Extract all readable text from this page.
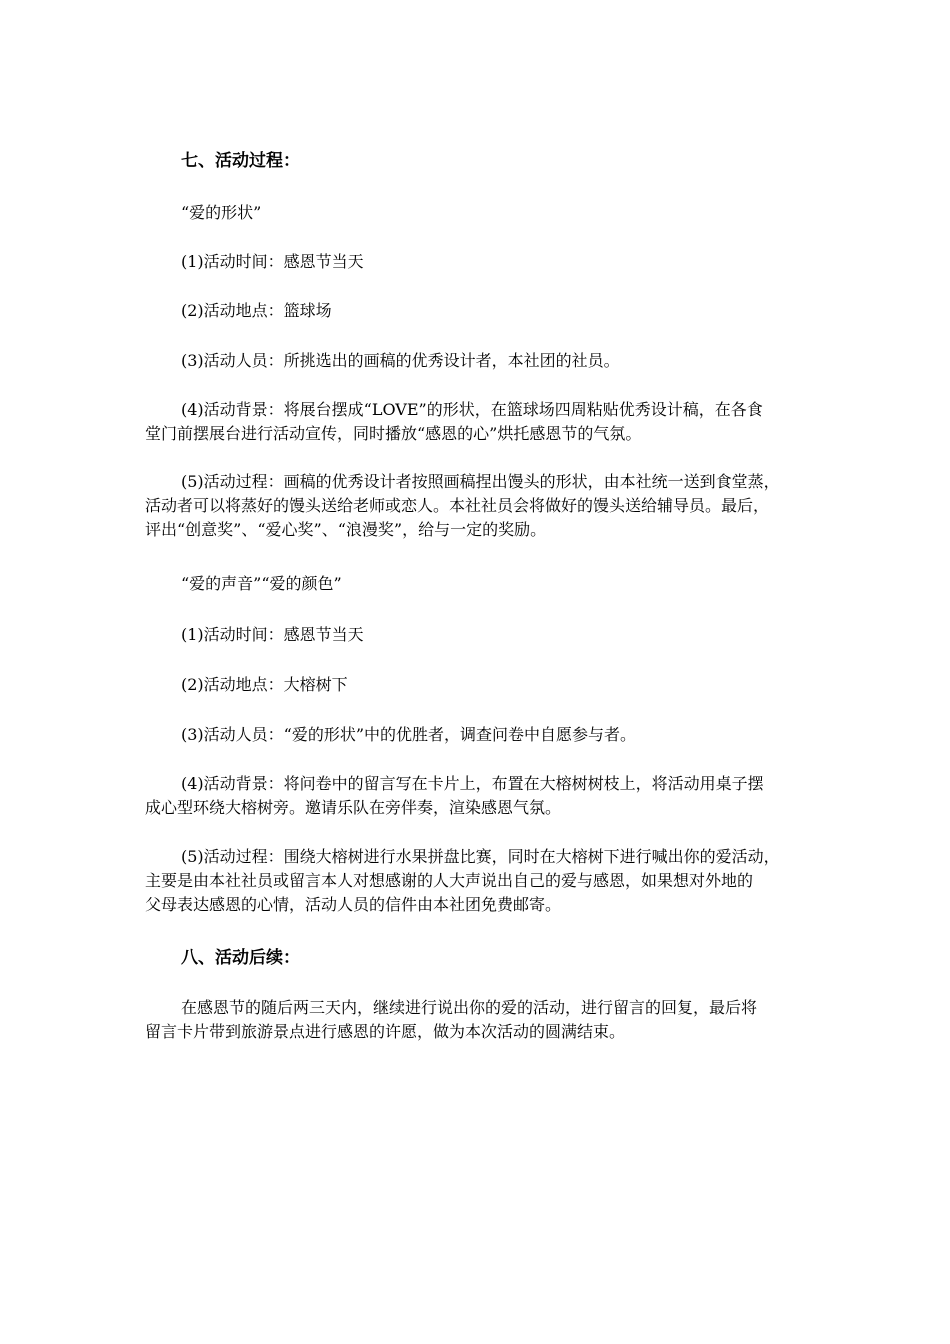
七、活动过程：

“爱的形状”

(1)活动时间：感恩节当天

(2)活动地点：篮球场

(3)活动人员：所挑选出的画稿的优秀设计者，本社团的社员。

(4)活动背景：将展台摆成“LOVE”的形状，在篮球场四周粘贴优秀设计稿，在各食
堂门前摆展台进行活动宣传，同时播放“感恩的心”烘托感恩节的气氛。
(5)活动过程：画稿的优秀设计者按照画稿捏出馒头的形状，由本社统一送到食堂蒸，
活动者可以将蒸好的馒头送给老师或恋人。本社社员会将做好的馒头送给辅导员。最后，
评出“创意奖”、“爱心奖”、“浪漫奖”，给与一定的奖励。

“爱的声音”“爱的颜色”

(1)活动时间：感恩节当天

(2)活动地点：大榕树下

(3)活动人员：“爱的形状”中的优胜者，调查问卷中自愿参与者。

(4)活动背景：将问卷中的留言写在卡片上，布置在大榕树树枝上，将活动用桌子摆
成心型环绕大榕树旁。邀请乐队在旁伴奏，渲染感恩气氛。
(5)活动过程：围绕大榕树进行水果拼盘比赛，同时在大榕树下进行喊出你的爱活动，
主要是由本社社员或留言本人对想感谢的人大声说出自己的爱与感恩，如果想对外地的
父母表达感恩的心情，活动人员的信件由本社团免费邮寄。
八、活动后续：
在感恩节的随后两三天内，继续进行说出你的爱的活动，进行留言的回复，最后将
留言卡片带到旅游景点进行感恩的许愿，做为本次活动的圆满结束。
